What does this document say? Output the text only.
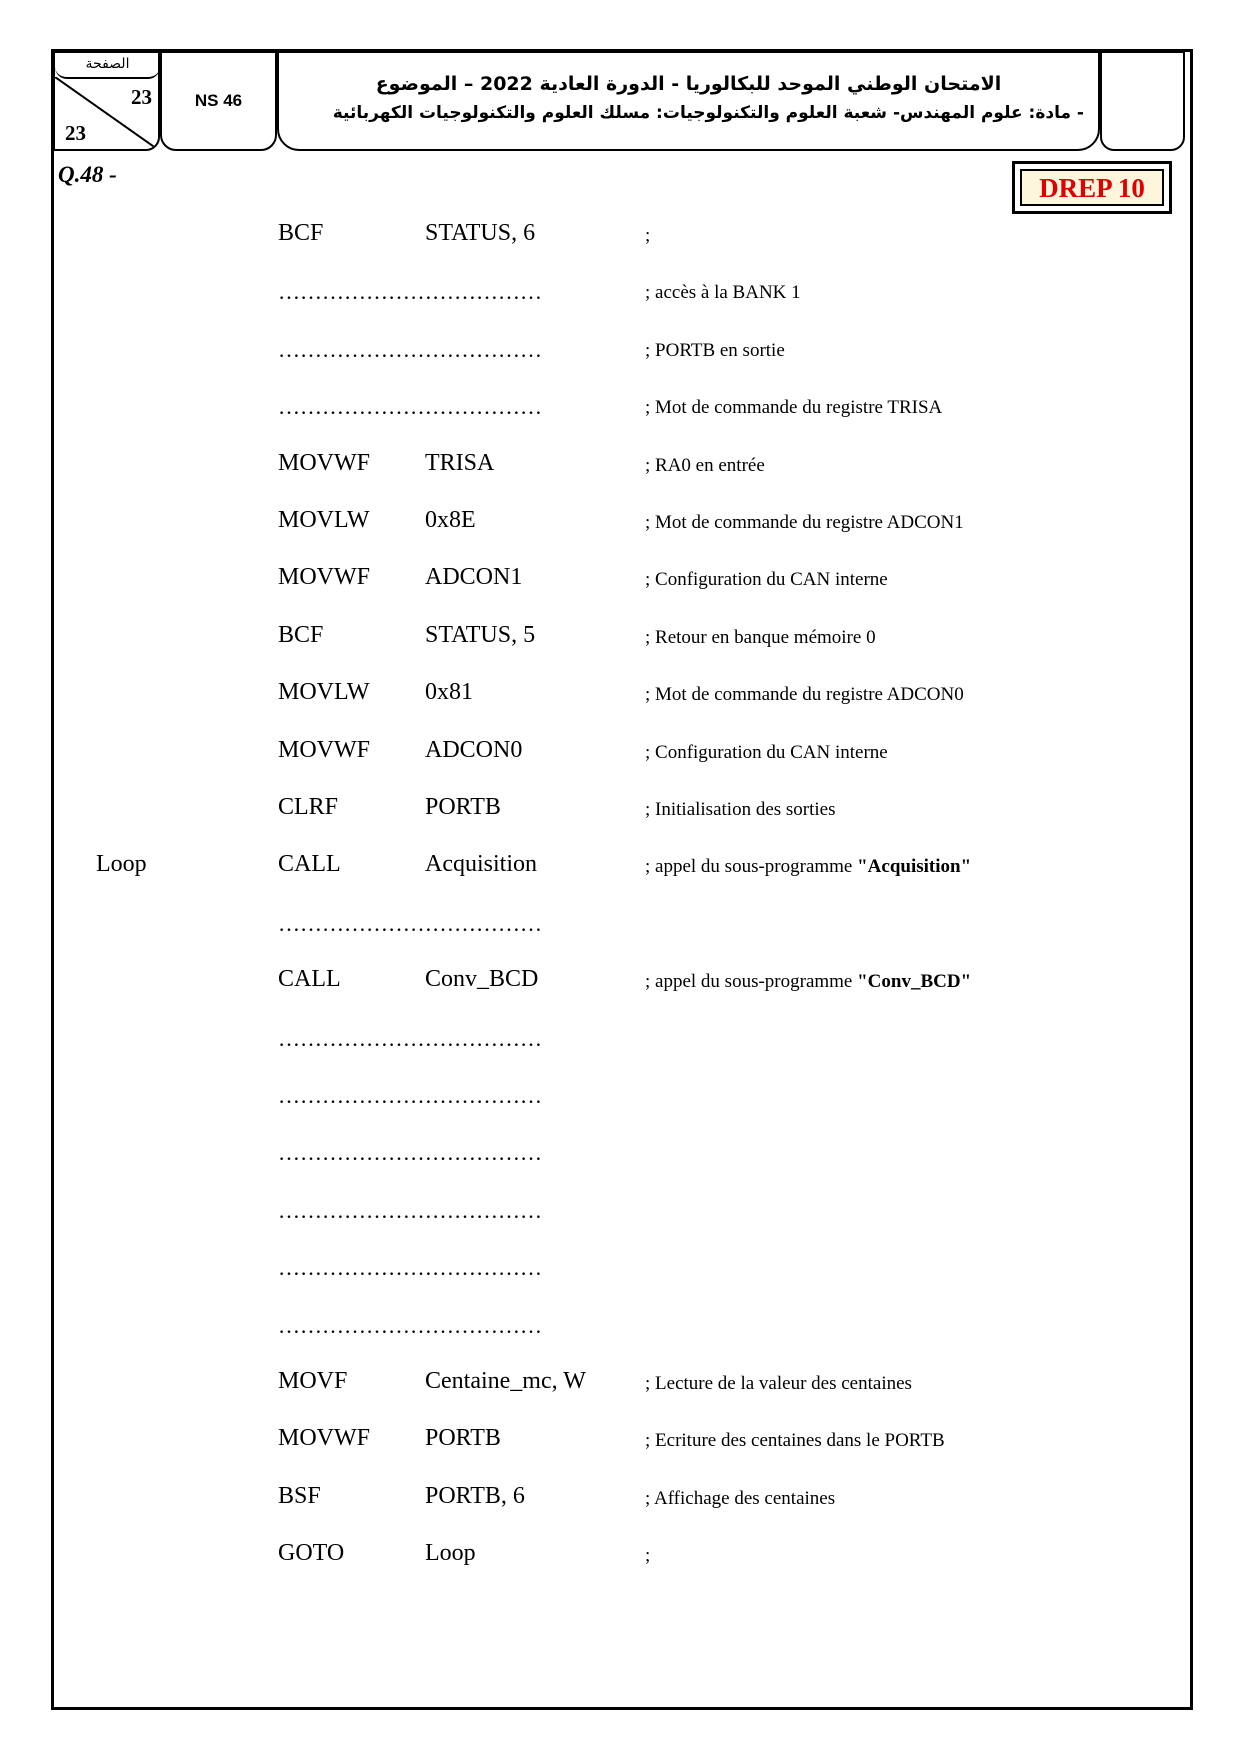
الصفحة
23
23
NS 46
الامتحان الوطني الموحد للبكالوريا - الدورة العادية 2022 – الموضوع
- مادة: علوم المهندس- شعبة العلوم والتكنولوجيات: مسلك العلوم والتكنولوجيات الكهربائية
Q.48 -	DREP 10
BCF	STATUS, 6	;
………………………………	; accès à la BANK 1
………………………………	; PORTB en sortie
………………………………	; Mot de commande du registre TRISA
MOVWF TRISA	; RA0 en entrée
MOVLW 0x8E	; Mot de commande du registre ADCON1
MOVWF ADCON1	; Configuration du CAN interne
BCF	STATUS, 5	; Retour en banque mémoire 0
MOVLW 0x81	; Mot de commande du registre ADCON0
MOVWF ADCON0	; Configuration du CAN interne
CLRF	PORTB	; Initialisation des sorties
Loop	CALL	Acquisition	; appel du sous-programme "Acquisition"
………………………………
CALL	Conv_BCD	; appel du sous-programme "Conv_BCD"
………………………………
………………………………
………………………………
………………………………
………………………………
………………………………
MOVF	Centaine_mc, W	; Lecture de la valeur des centaines
MOVWF PORTB	; Ecriture des centaines dans le PORTB
BSF	PORTB, 6	; Affichage des centaines
GOTO	Loop	;
